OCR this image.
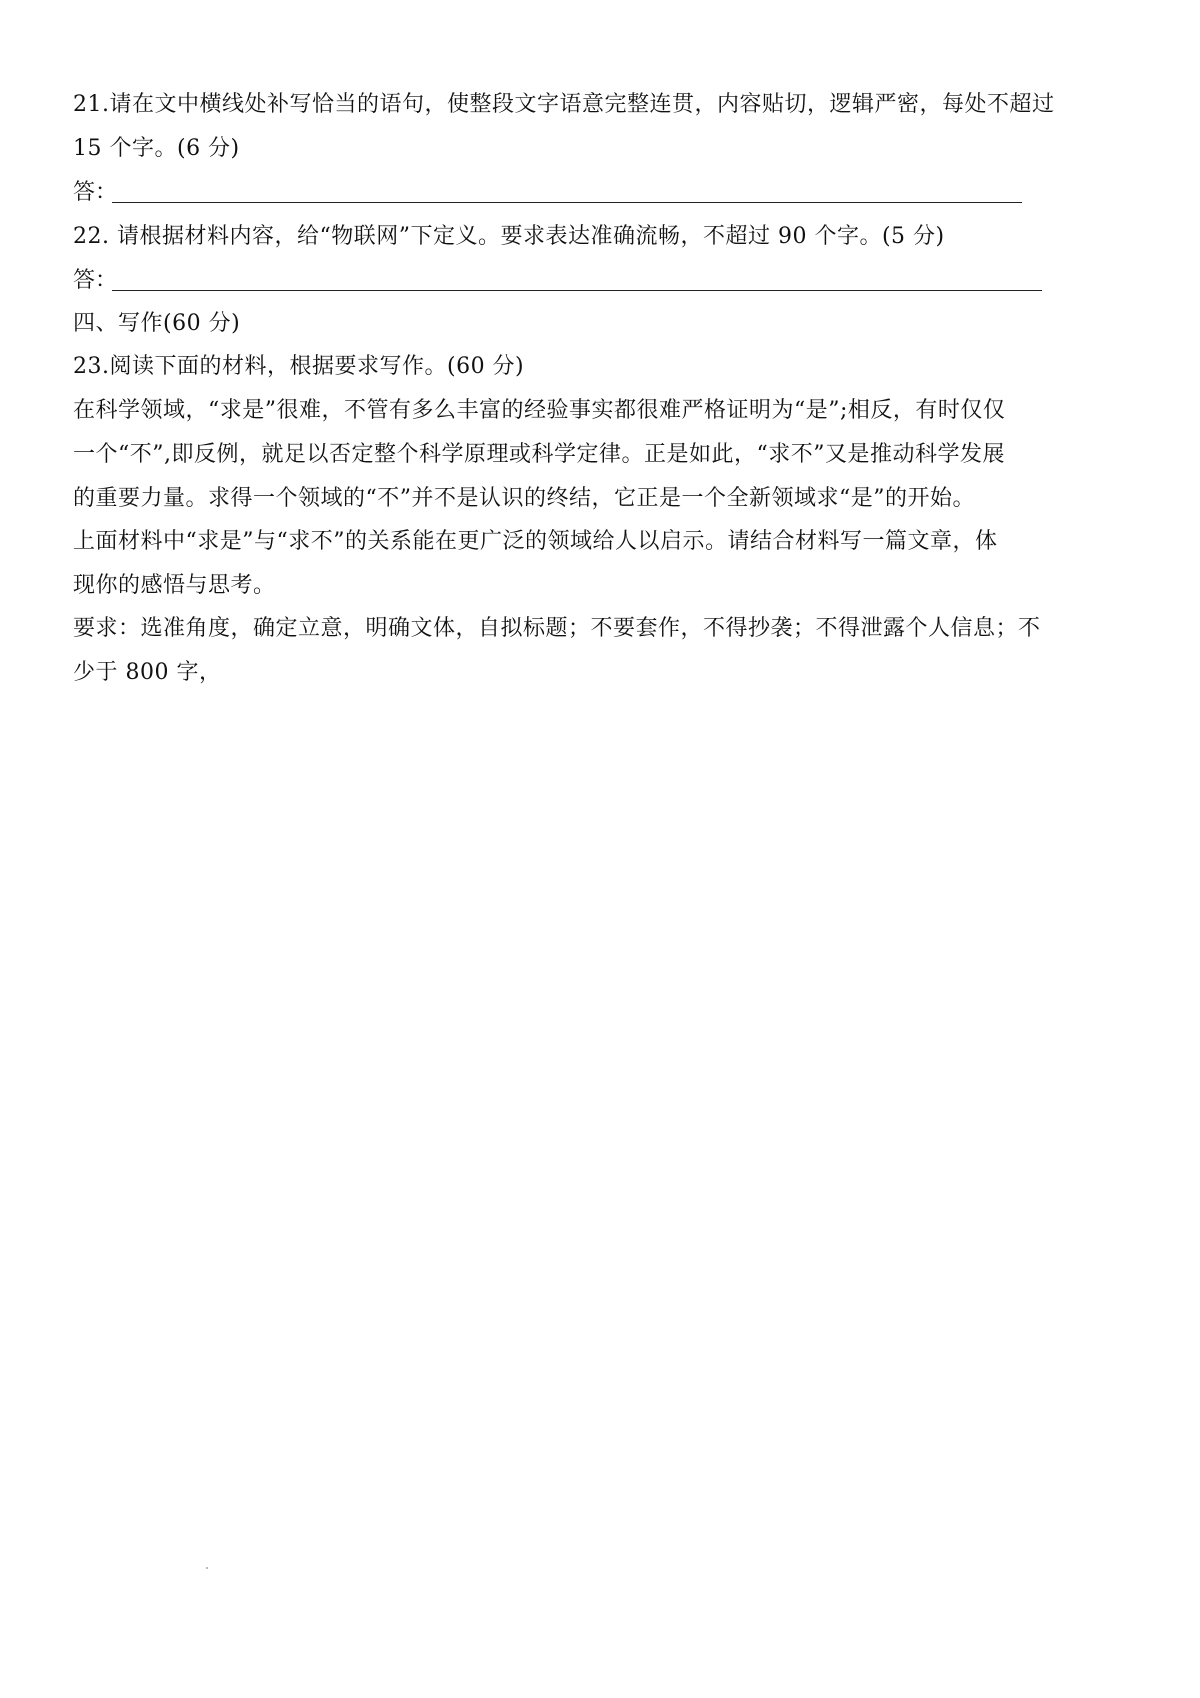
21.请在文中横线处补写恰当的语句，使整段文字语意完整连贯，内容贴切，逻辑严密，每处不超过
15 个字。(6 分)
答：
22. 请根据材料内容，给“物联网”下定义。要求表达准确流畅，不超过 90 个字。(5 分)
答：
四、写作(60 分)
23.阅读下面的材料，根据要求写作。(60 分)
在科学领域，“求是”很难，不管有多么丰富的经验事实都很难严格证明为“是”;相反，有时仅仅
一个“不”,即反例，就足以否定整个科学原理或科学定律。正是如此，“求不”又是推动科学发展
的重要力量。求得一个领域的“不”并不是认识的终结，它正是一个全新领域求“是”的开始。
上面材料中“求是”与“求不”的关系能在更广泛的领域给人以启示。请结合材料写一篇文章，体
现你的感悟与思考。
要求：选准角度，确定立意，明确文体，自拟标题；不要套作，不得抄袭；不得泄露个人信息；不
少于 800 字，
